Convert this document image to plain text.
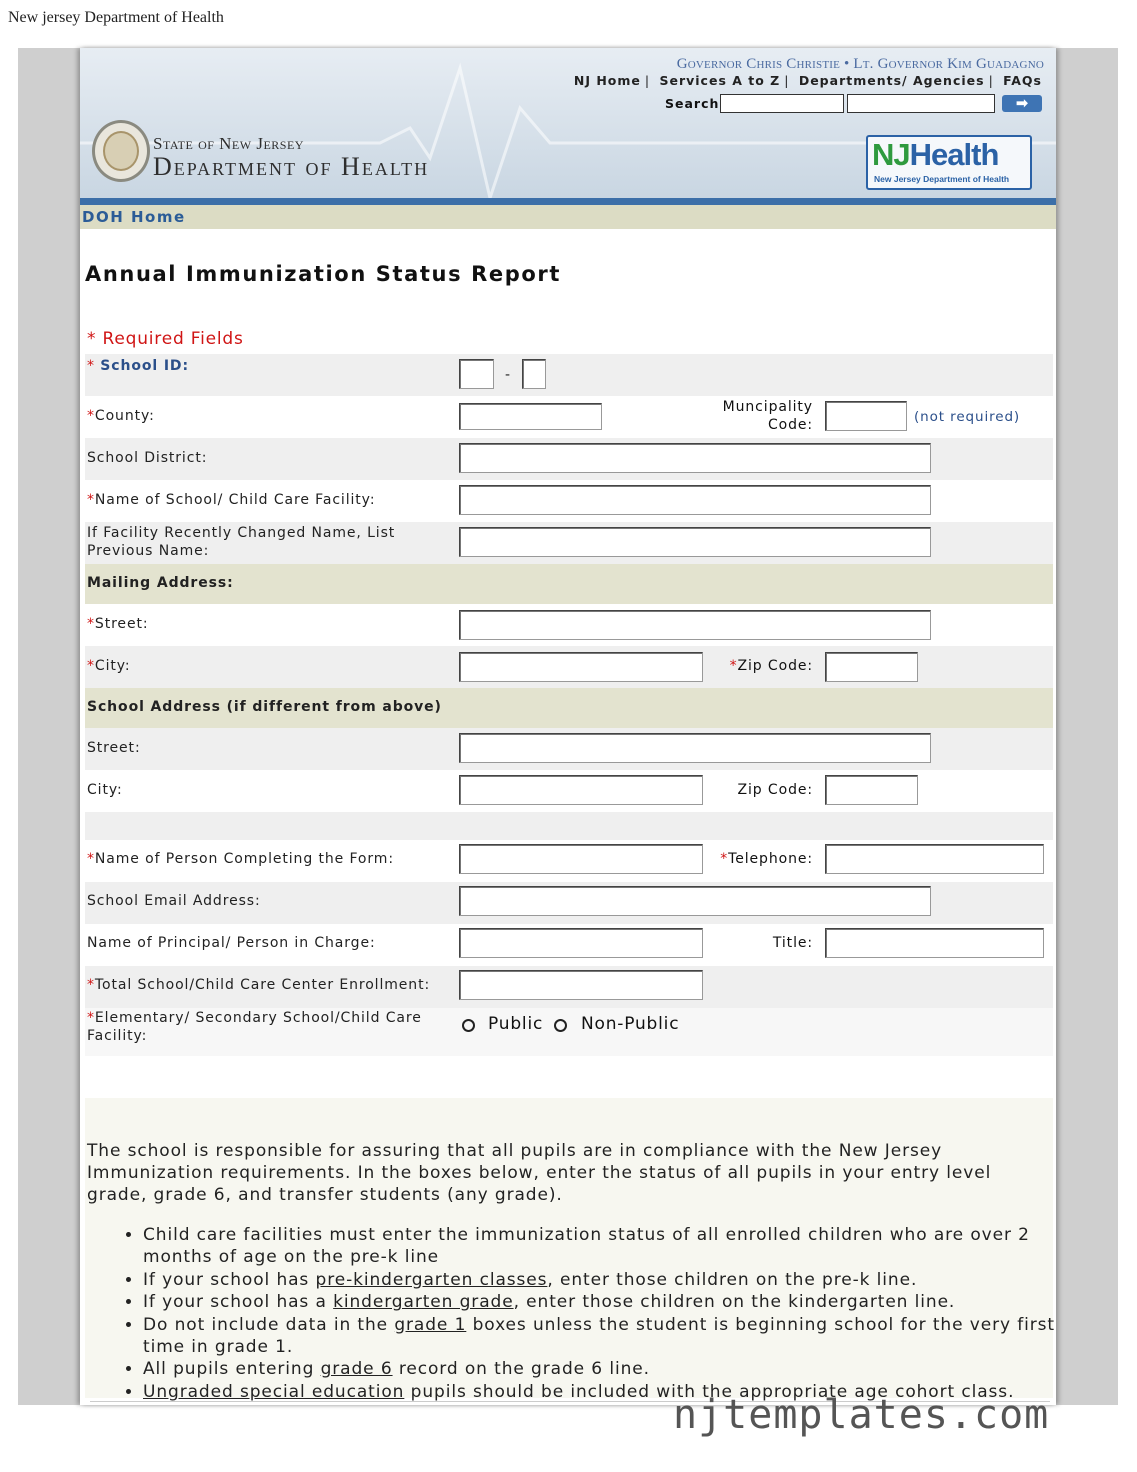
New jersey Department of Health
Governor Chris Christie • Lt. Governor Kim Guadagno
NJ Home | Services A to Z | Departments/ Agencies | FAQs
Search	➡
State of New Jersey
Department of Health	NJHealth
New Jersey Department of Health
DOH Home
Annual Immunization Status Report
* Required Fields
* School ID:
-
*County:
Muncipality
Code:	(not required)
School District:
*Name of School/ Child Care Facility:
If Facility Recently Changed Name, List
Previous Name:
Mailing Address:
*Street:
*City:	*Zip Code:
School Address (if different from above)
Street:
City:	Zip Code:
*Name of Person Completing the Form:	*Telephone:
School Email Address:
Name of Principal/ Person in Charge:	Title:
*Total School/Child Care Center Enrollment:
*Elementary/ Secondary School/Child Care
Facility:
Public Non-Public
The school is responsible for assuring that all pupils are in compliance with the New Jersey Immunization requirements. In the boxes below, enter the status of all pupils in your entry level grade, grade 6, and transfer students (any grade).
• Child care facilities must enter the immunization status of all enrolled children who are over 2 months of age on the pre-k line
• If your school has pre-kindergarten classes, enter those children on the pre-k line.
• If your school has a kindergarten grade, enter those children on the kindergarten line.
• Do not include data in the grade 1 boxes unless the student is beginning school for the very first time in grade 1.
• All pupils entering grade 6 record on the grade 6 line.
• Ungraded special education pupils should be included with the appropriate age cohort class.
njtemplates.com
